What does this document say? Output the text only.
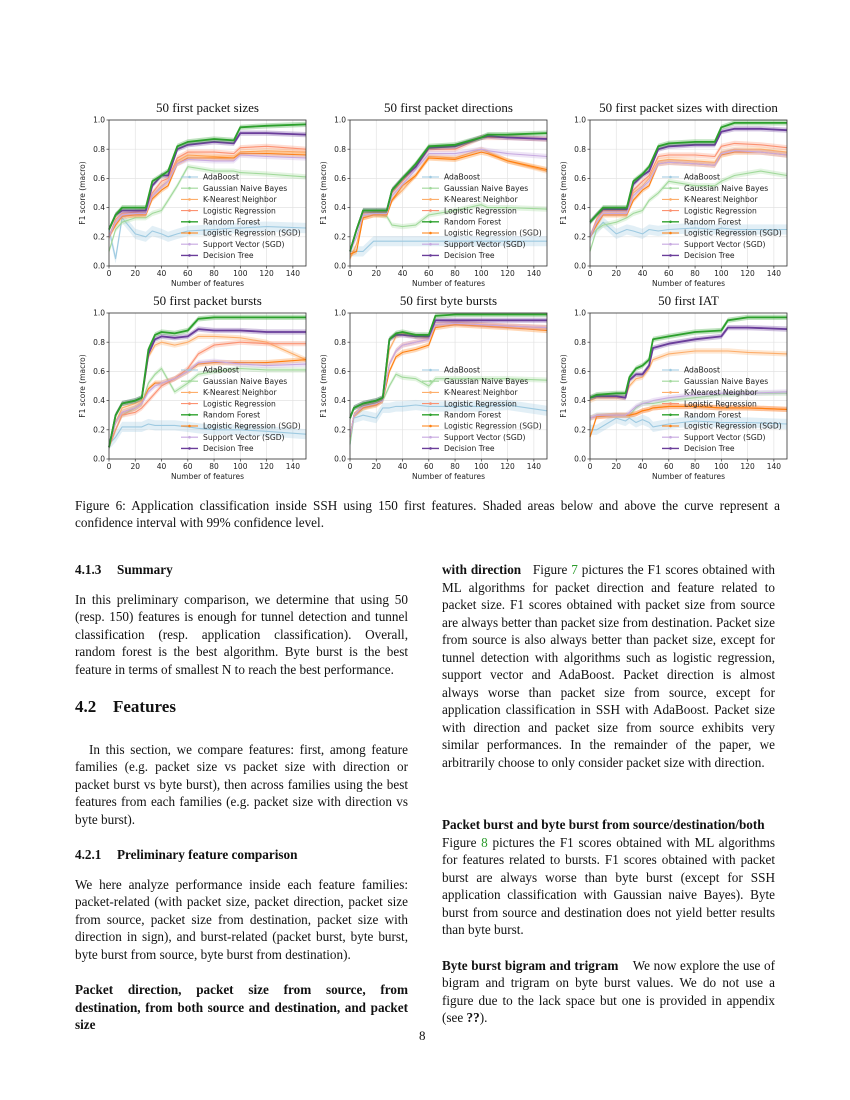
50 first packet sizes
0	20 40 60 80 100 120 140
0.0
0.2
0.4
0.6
0.8
1.0
Number of features
F1 score (macro)	AdaBoost
Gaussian Naive Bayes
K-Nearest Neighbor
Logistic Regression
Random Forest
Logistic Regression (SGD)
Support Vector (SGD)
Decision Tree
50 first packet directions
0	20 40 60 80 100 120 140
0.0
0.2
0.4
0.6
0.8
1.0
Number of features
F1 score (macro)	AdaBoost
Gaussian Naive Bayes
K-Nearest Neighbor
Logistic Regression
Random Forest
Logistic Regression (SGD)
Support Vector (SGD)
Decision Tree
50 first packet sizes with direction
0	20 40 60 80 100 120 140
0.0
0.2
0.4
0.6
0.8
1.0
Number of features
F1 score (macro)	AdaBoost
Gaussian Naive Bayes
K-Nearest Neighbor
Logistic Regression
Random Forest
Logistic Regression (SGD)
Support Vector (SGD)
Decision Tree
50 first packet bursts
0	20 40 60 80 100 120 140
0.0
0.2
0.4
0.6
0.8
1.0
Number of features
F1 score (macro)	AdaBoost
Gaussian Naive Bayes
K-Nearest Neighbor
Logistic Regression
Random Forest
Logistic Regression (SGD)
Support Vector (SGD)
Decision Tree
50 first byte bursts
0	20 40 60 80 100 120 140
0.0
0.2
0.4
0.6
0.8
1.0
Number of features
F1 score (macro)	AdaBoost
Gaussian Naive Bayes
K-Nearest Neighbor
Logistic Regression
Random Forest
Logistic Regression (SGD)
Support Vector (SGD)
Decision Tree
50 first IAT
0	20 40 60 80 100 120 140
0.0
0.2
0.4
0.6
0.8
1.0
Number of features
F1 score (macro)	AdaBoost
Gaussian Naive Bayes
K-Nearest Neighbor
Logistic Regression
Random Forest
Logistic Regression (SGD)
Support Vector (SGD)
Decision Tree
Figure 6: Application classification inside SSH using 150 first features. Shaded areas below and above the curve represent a confidence interval with 99% confidence level.

4.1.3 Summary

In this preliminary comparison, we determine that using 50 (resp. 150) features is enough for tunnel detection and tunnel classification (resp. application classification). Overall, random forest is the best algorithm. Byte burst is the best feature in terms of smallest N to reach the best performance.

4.2 Features

In this section, we compare features: first, among feature families (e.g. packet size vs packet size with direction or packet burst vs byte burst), then across families using the best features from each families (e.g. packet size with direction vs byte burst).

4.2.1 Preliminary feature comparison

We here analyze performance inside each feature families: packet-related (with packet size, packet direction, packet size from source, packet size from destination, packet size with direction in sign), and burst-related (packet burst, byte burst, byte burst from source, byte burst from destination).

Packet direction, packet size from source, from destination, from both source and destination, and packet size

with direction Figure 7 pictures the F1 scores obtained with ML algorithms for packet direction and feature related to packet size. F1 scores obtained with packet size from source are always better than packet size from destination. Packet size from source is also always better than packet size, except for tunnel detection with algorithms such as logistic regression, support vector and AdaBoost. Packet direction is almost always worse than packet size from source, except for application classification in SSH with AdaBoost. Packet size with direction and packet size from source exhibits very similar performances. In the remainder of the paper, we arbitrarily choose to only consider packet size with direction.

Packet burst and byte burst from source/destination/both
Figure 8 pictures the F1 scores obtained with ML algorithms for features related to bursts. F1 scores obtained with packet burst are always worse than byte burst (except for SSH application classification with Gaussian naive Bayes). Byte burst from source and destination does not yield better results than byte burst.

Byte burst bigram and trigram We now explore the use of bigram and trigram on byte burst values. We do not use a figure due to the lack space but one is provided in appendix (see ??).

8
